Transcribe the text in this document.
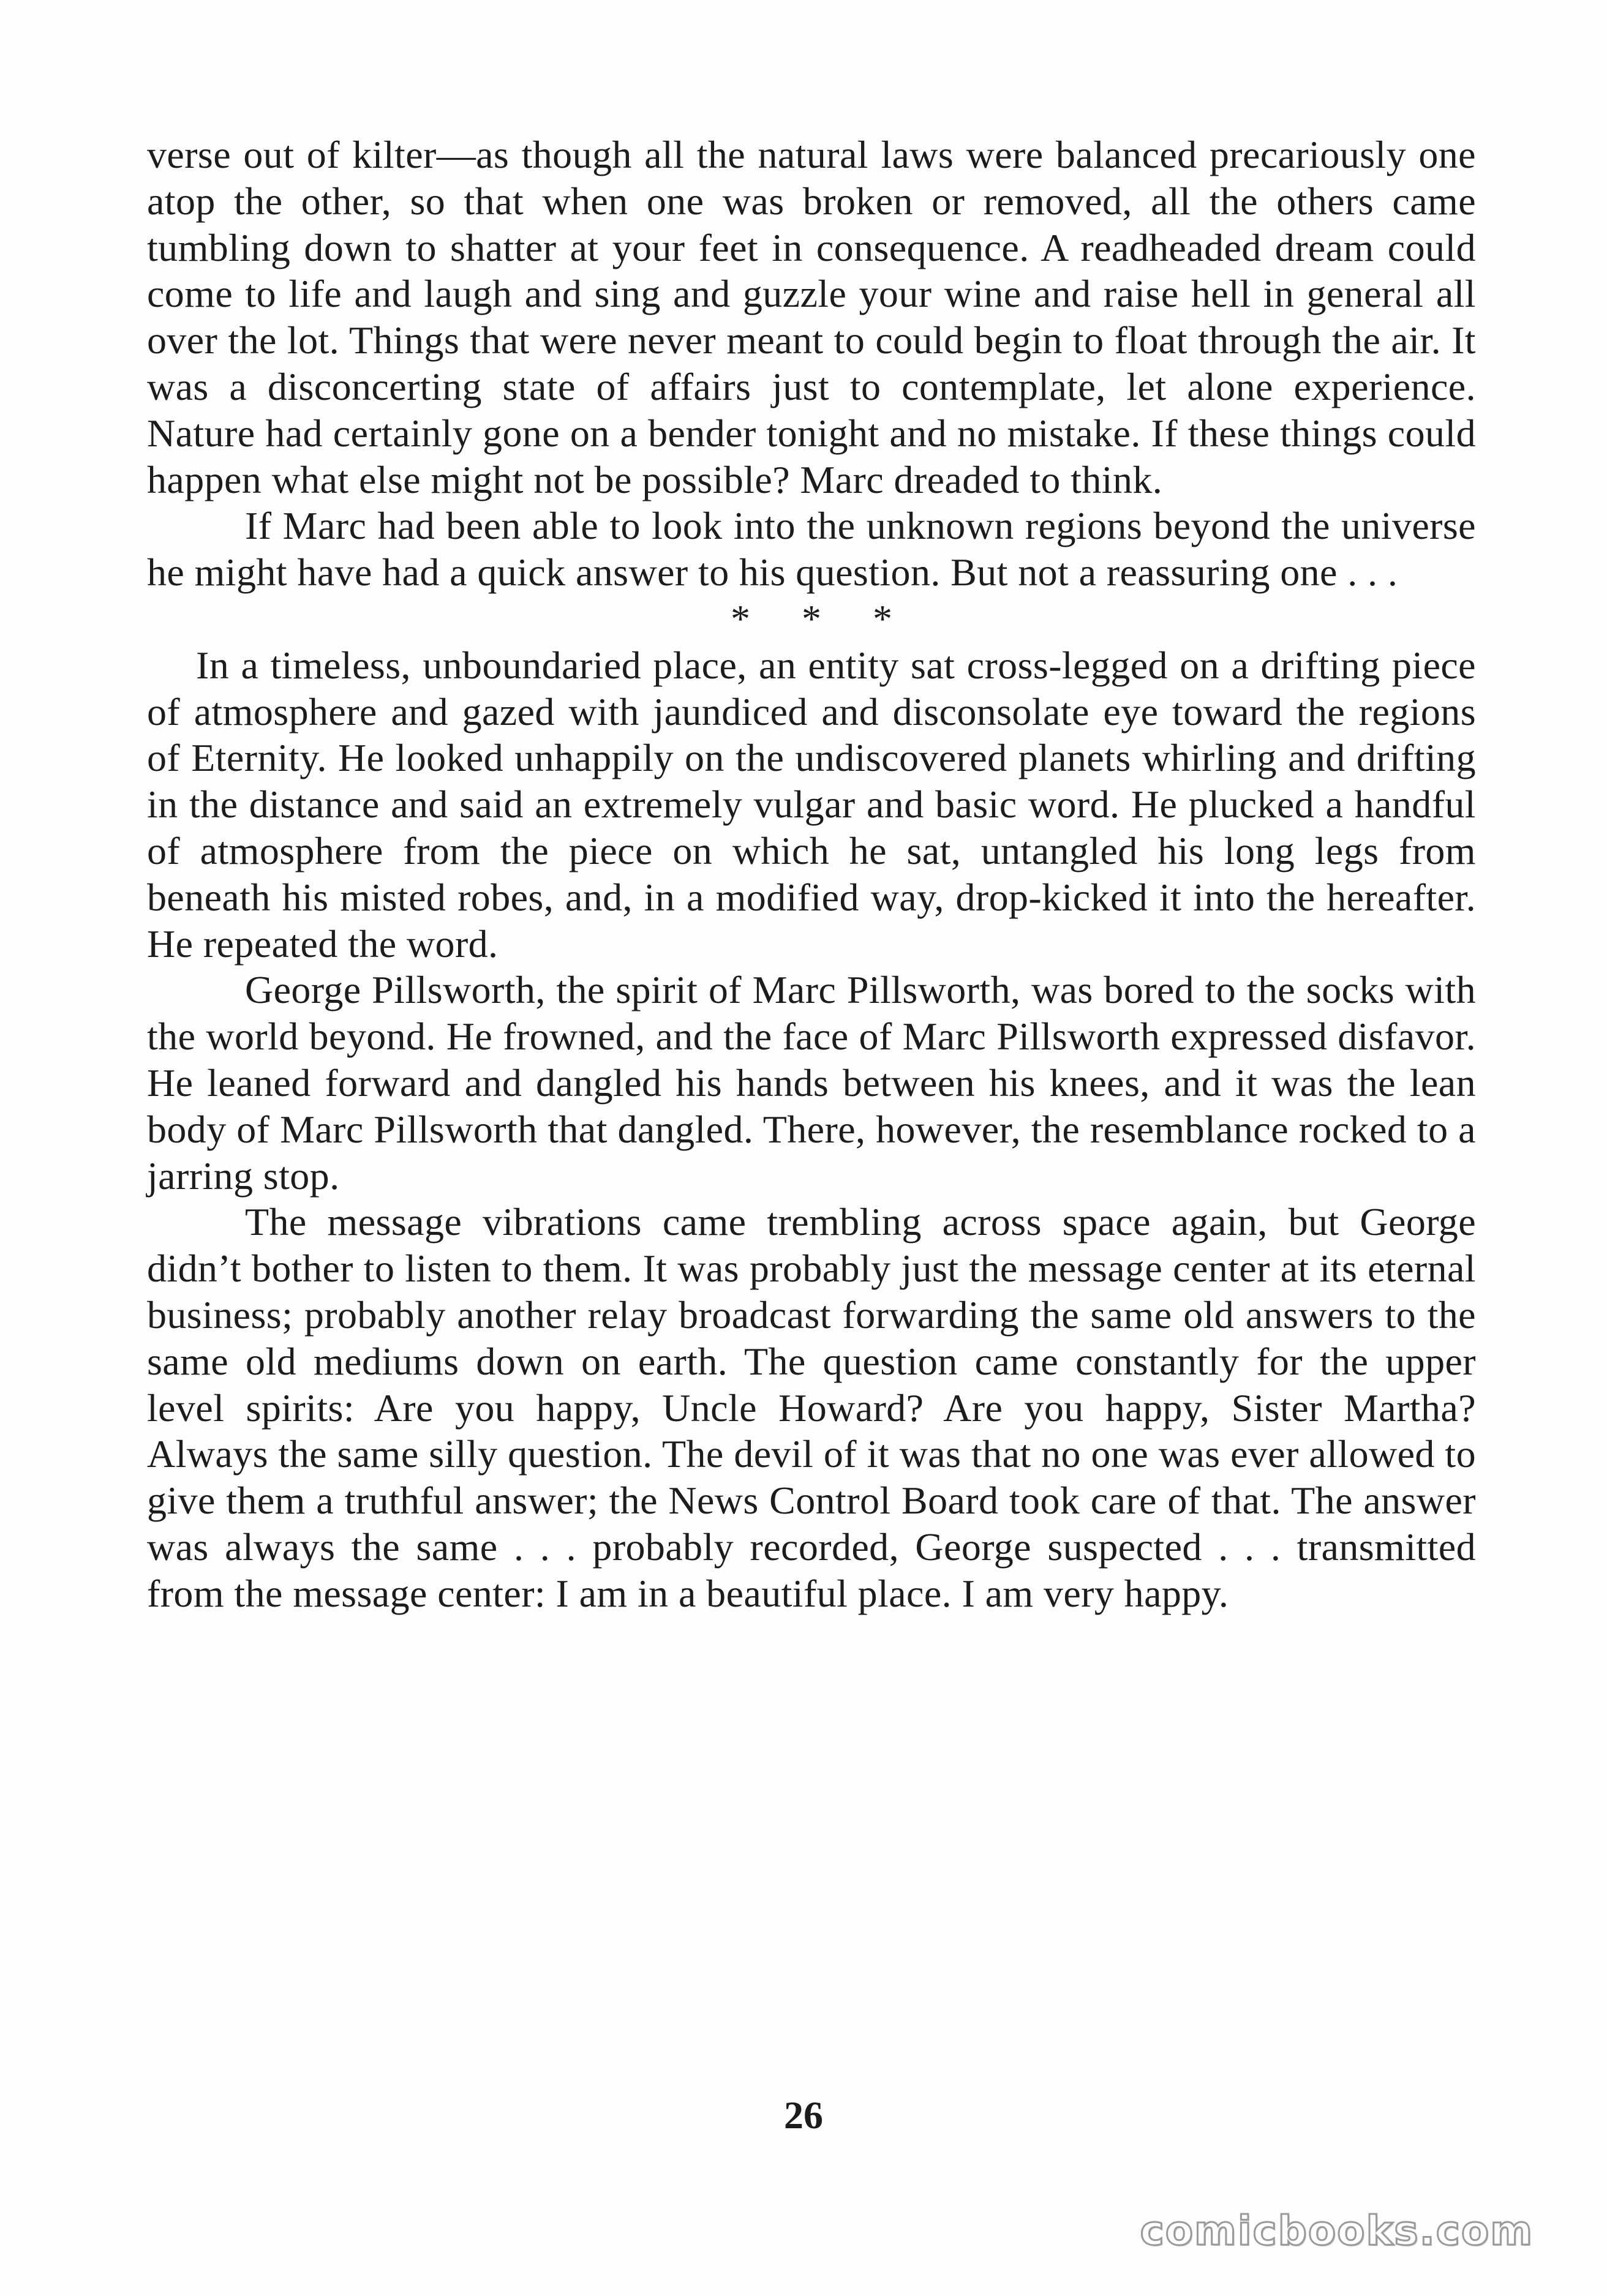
verse out of kilter—as though all the natural laws were balanced precariously one atop the other, so that when one was broken or removed, all the others came tumbling down to shatter at your feet in consequence. A readheaded dream could come to life and laugh and sing and guzzle your wine and raise hell in general all over the lot. Things that were never meant to could begin to float through the air. It was a disconcerting state of affairs just to contemplate, let alone experience. Nature had certainly gone on a bender tonight and no mistake. If these things could happen what else might not be possible? Marc dreaded to think.

If Marc had been able to look into the unknown regions beyond the universe he might have had a quick answer to his question. But not a reassuring one . . .

* * *

In a timeless, unboundaried place, an entity sat cross-legged on a drifting piece of atmosphere and gazed with jaundiced and disconsolate eye toward the regions of Eternity. He looked unhappily on the undiscovered planets whirling and drifting in the distance and said an extremely vulgar and basic word. He plucked a handful of atmosphere from the piece on which he sat, untangled his long legs from beneath his misted robes, and, in a modified way, drop-kicked it into the hereafter. He repeated the word.

George Pillsworth, the spirit of Marc Pillsworth, was bored to the socks with the world beyond. He frowned, and the face of Marc Pillsworth expressed disfavor. He leaned forward and dangled his hands between his knees, and it was the lean body of Marc Pillsworth that dangled. There, however, the resemblance rocked to a jarring stop.

The message vibrations came trembling across space again, but George didn’t bother to listen to them. It was probably just the message center at its eternal business; probably another relay broadcast forwarding the same old answers to the same old mediums down on earth. The question came constantly for the upper level spirits: Are you happy, Uncle Howard? Are you happy, Sister Martha? Always the same silly question. The devil of it was that no one was ever allowed to give them a truthful answer; the News Control Board took care of that. The answer was always the same . . . probably recorded, George suspected . . . transmitted from the message center: I am in a beautiful place. I am very happy.

26
comicbooks.com
